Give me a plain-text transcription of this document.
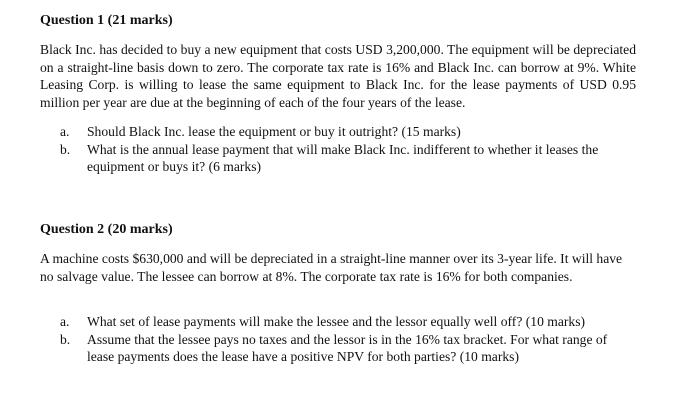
Question 1 (21 marks)
Black Inc. has decided to buy a new equipment that costs USD 3,200,000. The equipment will be depreciated on a straight-line basis down to zero. The corporate tax rate is 16% and Black Inc. can borrow at 9%. White Leasing Corp. is willing to lease the same equipment to Black Inc. for the lease payments of USD 0.95 million per year are due at the beginning of each of the four years of the lease.
a. Should Black Inc. lease the equipment or buy it outright? (15 marks)
b. What is the annual lease payment that will make Black Inc. indifferent to whether it leases the equipment or buys it? (6 marks)
Question 2 (20 marks)
A machine costs $630,000 and will be depreciated in a straight-line manner over its 3-year life. It will have no salvage value. The lessee can borrow at 8%. The corporate tax rate is 16% for both companies.
a. What set of lease payments will make the lessee and the lessor equally well off? (10 marks)
b. Assume that the lessee pays no taxes and the lessor is in the 16% tax bracket. For what range of lease payments does the lease have a positive NPV for both parties? (10 marks)
